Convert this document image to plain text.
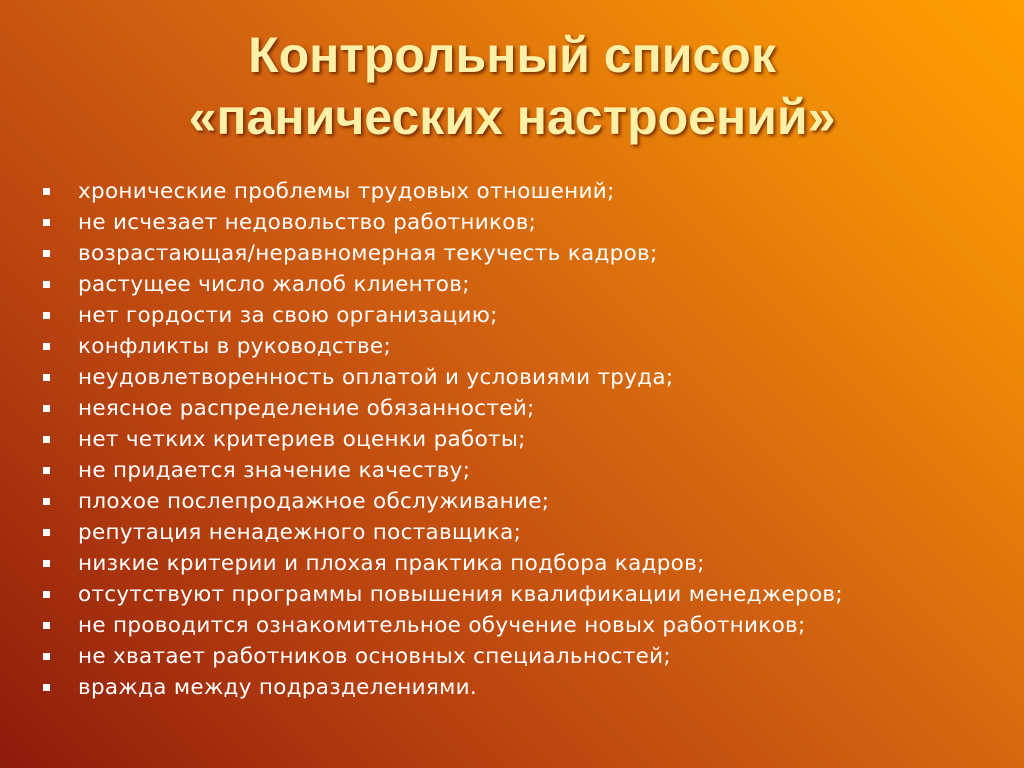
Контрольный список
«панических настроений»
хронические проблемы трудовых отношений;
не исчезает недовольство работников;
возрастающая/неравномерная текучесть кадров;
растущее число жалоб клиентов;
нет гордости за свою организацию;
конфликты в руководстве;
неудовлетворенность оплатой и условиями труда;
неясное распределение обязанностей;
нет четких критериев оценки работы;
не придается значение качеству;
плохое послепродажное обслуживание;
репутация ненадежного поставщика;
низкие критерии и плохая практика подбора кадров;
отсутствуют программы повышения квалификации менеджеров;
не проводится ознакомительное обучение новых работников;
не хватает работников основных специальностей;
вражда между подразделениями.
